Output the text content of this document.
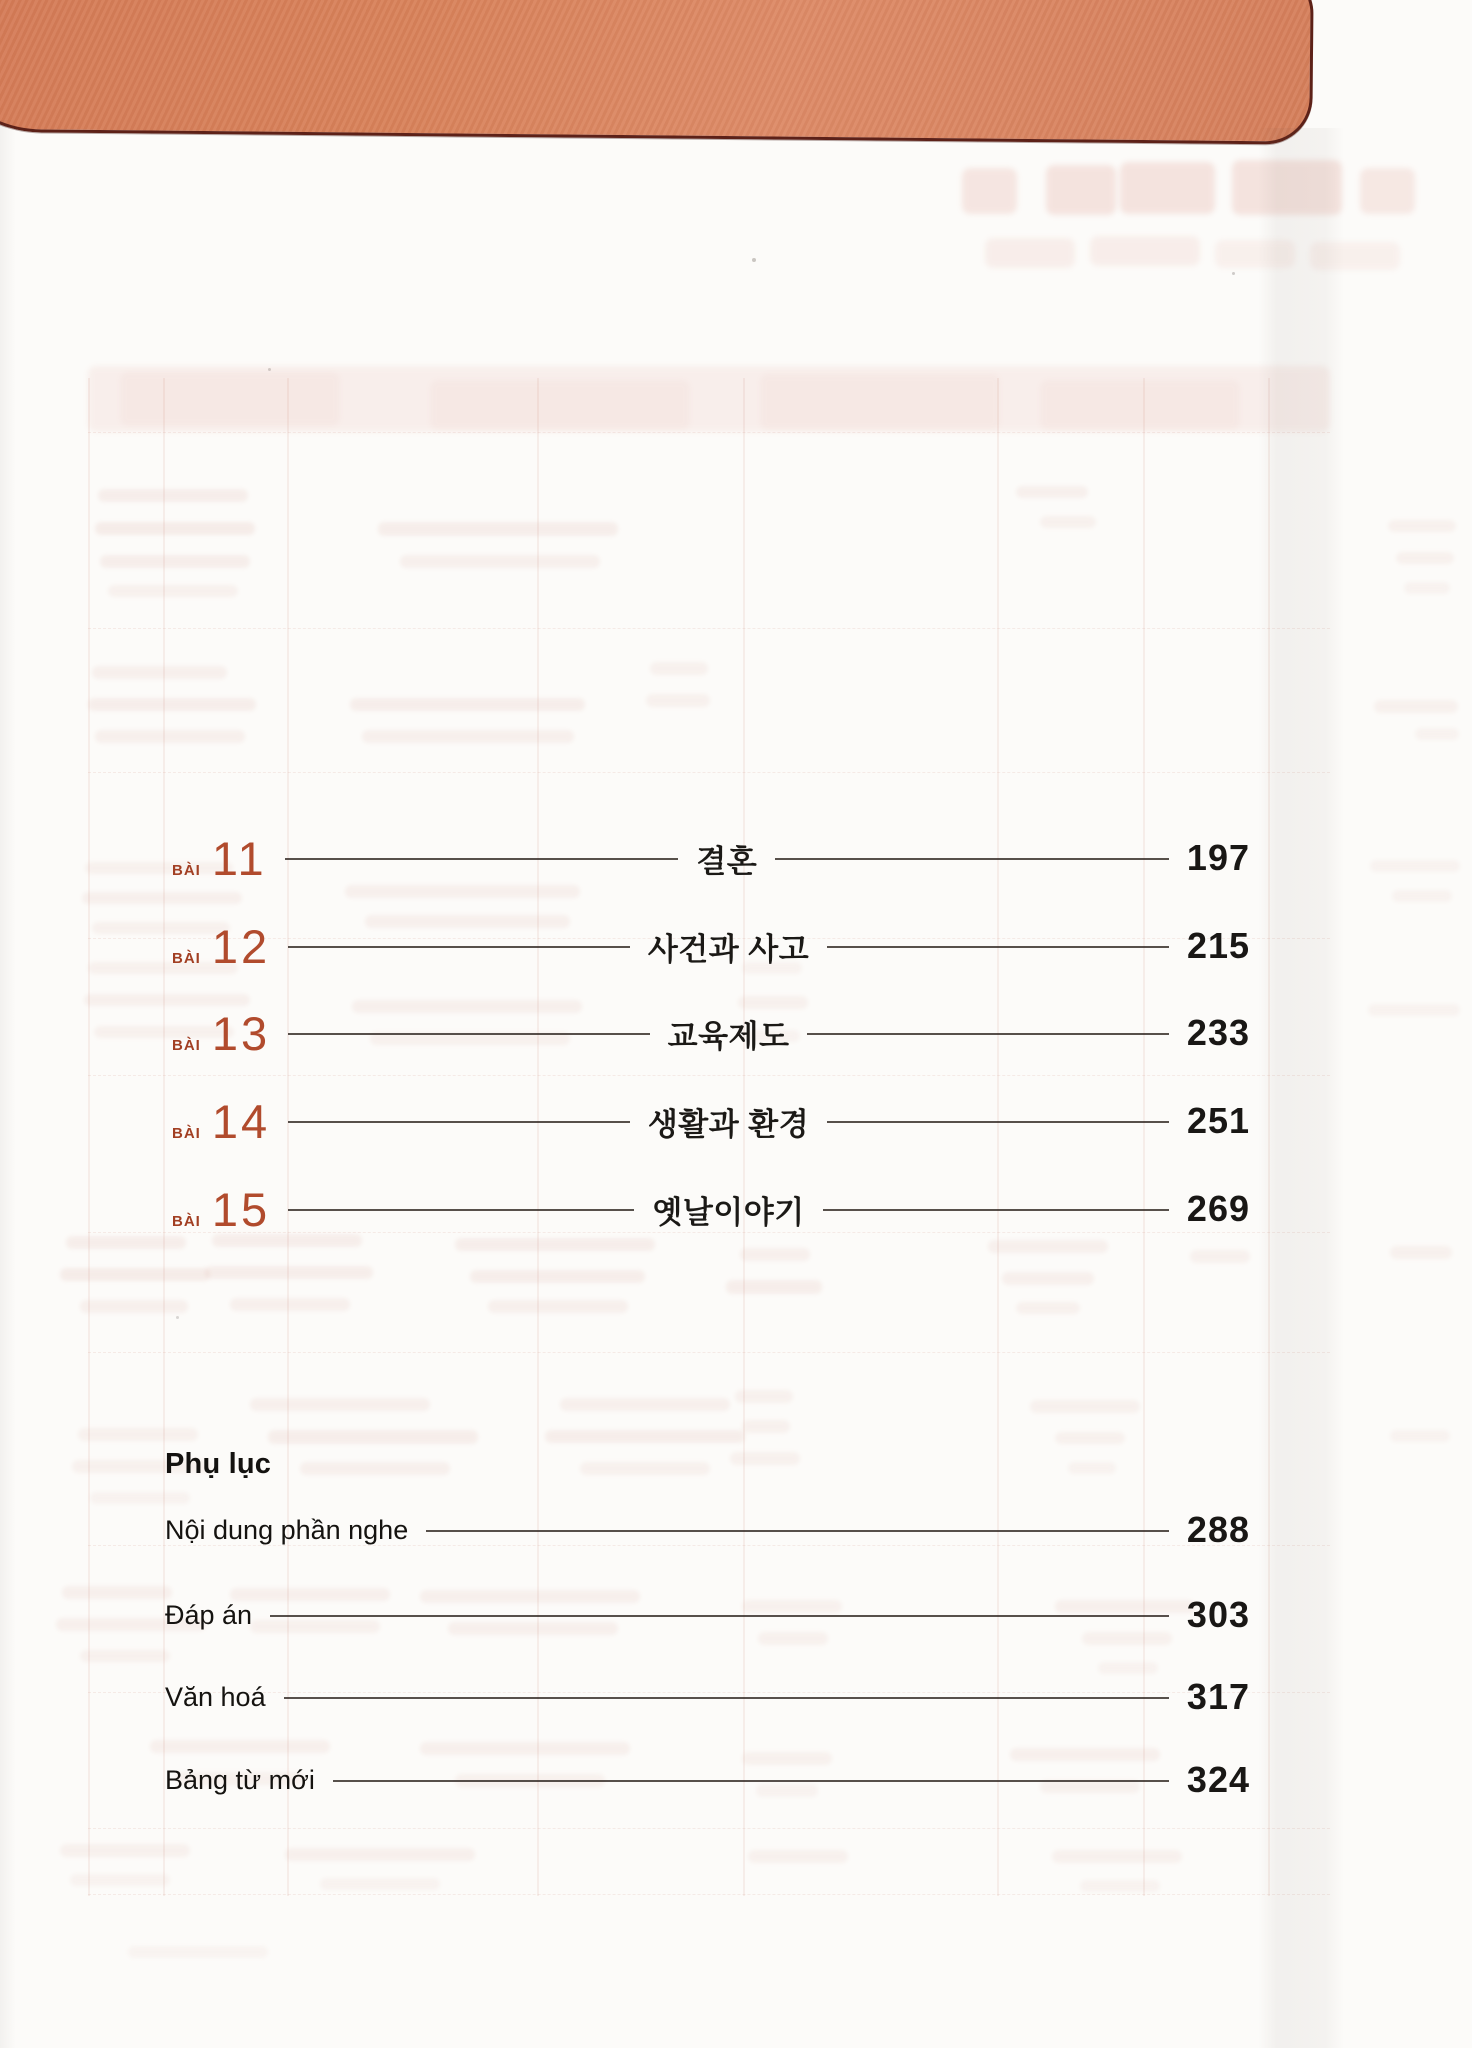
BÀI 11	결혼	197
BÀI 12	사건과 사고	215
BÀI 13	교육제도	233
BÀI 14	생활과 환경	251
BÀI 15	옛날이야기	269
Phụ lục
Nội dung phần nghe	288
Đáp án	303
Văn hoá	317
Bảng từ mới	324
